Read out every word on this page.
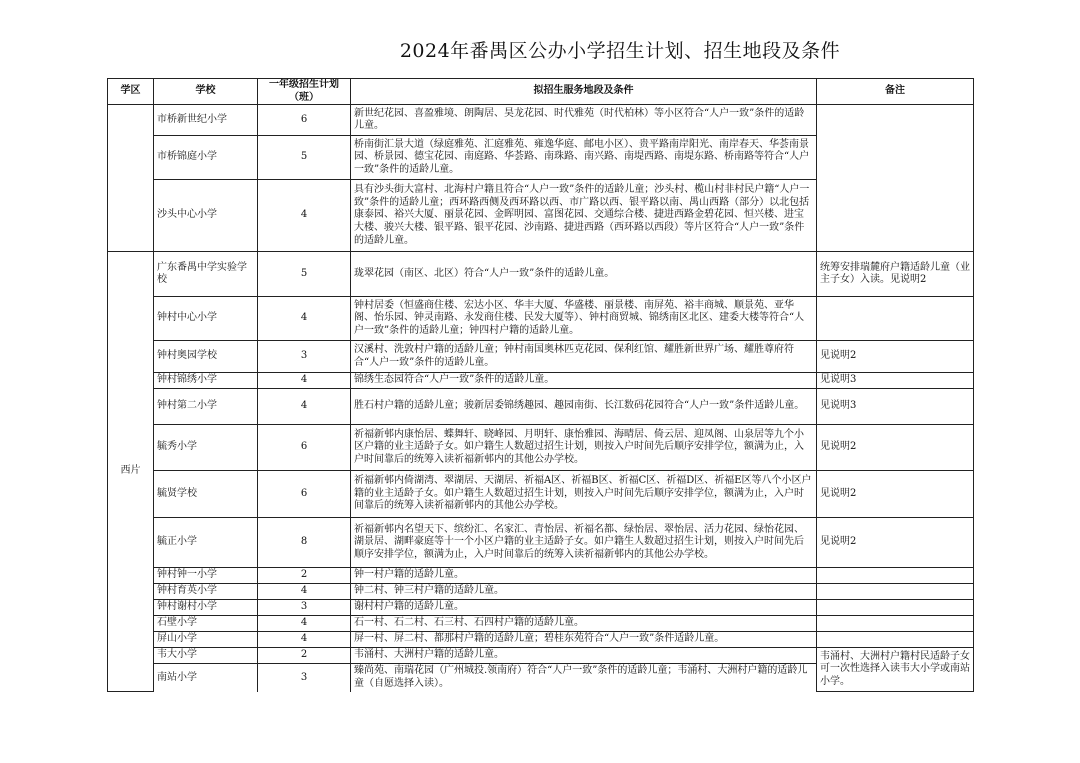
2024年番禺区公办小学招生计划、招生地段及条件
学区	学校	一年级招生计划（班）	拟招生服务地段及条件	备注
	市桥新世纪小学	6	新世纪花园、喜盈雅境、朗陶居、昊龙花园、时代雅苑（时代柏林）等小区符合“人户一致”条件的适龄儿童。	
	市桥锦庭小学	5	桥南街汇景大道（绿庭雅苑、汇庭雅苑、雍逸华庭、邮电小区）、贵平路南岸阳光、南岸春天、华荟南景园、桥景园、德宝花园、南庭路、华荟路、南珠路、南兴路、南堤西路、南堤东路、桥南路等符合“人户一致”条件的适龄儿童。	
	沙头中心小学	4	具有沙头街大富村、北海村户籍且符合“人户一致”条件的适龄儿童；沙头村、榄山村非村民户籍“人户一致”条件的适龄儿童；西环路西侧及西环路以西、市广路以西、银平路以南、禺山西路（部分）以北包括康泰园、裕兴大厦、丽景花园、金晖明园、富图花园、交通综合楼、捷进西路金碧花园、恒兴楼、进宝大楼、骏兴大楼、银平路、银平花园、沙南路、捷进西路（西环路以西段）等片区符合“人户一致”条件的适龄儿童。	
西片	广东番禺中学实验学校	5	珑翠花园（南区、北区）符合“人户一致”条件的适龄儿童。	统筹安排瑞麓府户籍适龄儿童（业主子女）入读。见说明2
	钟村中心小学	4	钟村居委（恒盛商住楼、宏达小区、华丰大厦、华盛楼、丽景楼、南屏苑、裕丰商城、顺景苑、亚华阁、怡乐园、钟灵南路、永发商住楼、民发大厦等）、钟村商贸城、锦绣南区北区、建委大楼等符合“人户一致”条件的适龄儿童；钟四村户籍的适龄儿童。	
	钟村奥园学校	3	汉溪村、洗敦村户籍的适龄儿童；钟村南国奥林匹克花园、保利红馆、耀胜新世界广场、耀胜尊府符合“人户一致”条件的适龄儿童。	见说明2
	钟村锦绣小学	4	锦绣生态园符合“人户一致”条件的适龄儿童。	见说明3
	钟村第二小学	4	胜石村户籍的适龄儿童；骏新居委锦绣趣园、趣园南街、长江数码花园符合“人户一致”条件适龄儿童。	见说明3
	毓秀小学	6	祈福新邨内康怡居、蝶舞轩、晓峰园、月明轩、康怡雅园、海晴居、倚云居、迎凤阁、山泉居等九个小区户籍的业主适龄子女。如户籍生人数超过招生计划，则按入户时间先后顺序安排学位，额满为止，入户时间靠后的统筹入读祈福新邨内的其他公办学校。	见说明2
	毓贤学校	6	祈福新邨内倚湖湾、翠湖居、天湖居、祈福A区、祈福B区、祈福C区、祈福D区、祈福E区等八个小区户籍的业主适龄子女。如户籍生人数超过招生计划，则按入户时间先后顺序安排学位，额满为止，入户时间靠后的统筹入读祈福新邨内的其他公办学校。	见说明2
	毓正小学	8	祈福新邨内名望天下、缤纷汇、名家汇、青怡居、祈福名都、绿怡居、翠怡居、活力花园、绿怡花园、湖景居、湖畔豪庭等十一个小区户籍的业主适龄子女。如户籍生人数超过招生计划，则按入户时间先后顺序安排学位，额满为止，入户时间靠后的统筹入读祈福新邨内的其他公办学校。	见说明2
	钟村钟一小学	2	钟一村户籍的适龄儿童。	
	钟村育英小学	4	钟二村、钟三村户籍的适龄儿童。	
	钟村谢村小学	3	谢村村户籍的适龄儿童。	
	石壁小学	4	石一村、石二村、石三村、石四村户籍的适龄儿童。	
	屏山小学	4	屏一村、屏二村、都那村户籍的适龄儿童；碧桂东苑符合“人户一致”条件适龄儿童。	
	韦大小学	2	韦涌村、大洲村户籍的适龄儿童。	韦涌村、大洲村户籍村民适龄子女可一次性选择入读韦大小学或南站小学。
	南站小学	3	臻尚苑、南瑞花园（广州城投.领南府）符合“人户一致”条件的适龄儿童；韦涌村、大洲村户籍的适龄儿童（自愿选择入读）。	
